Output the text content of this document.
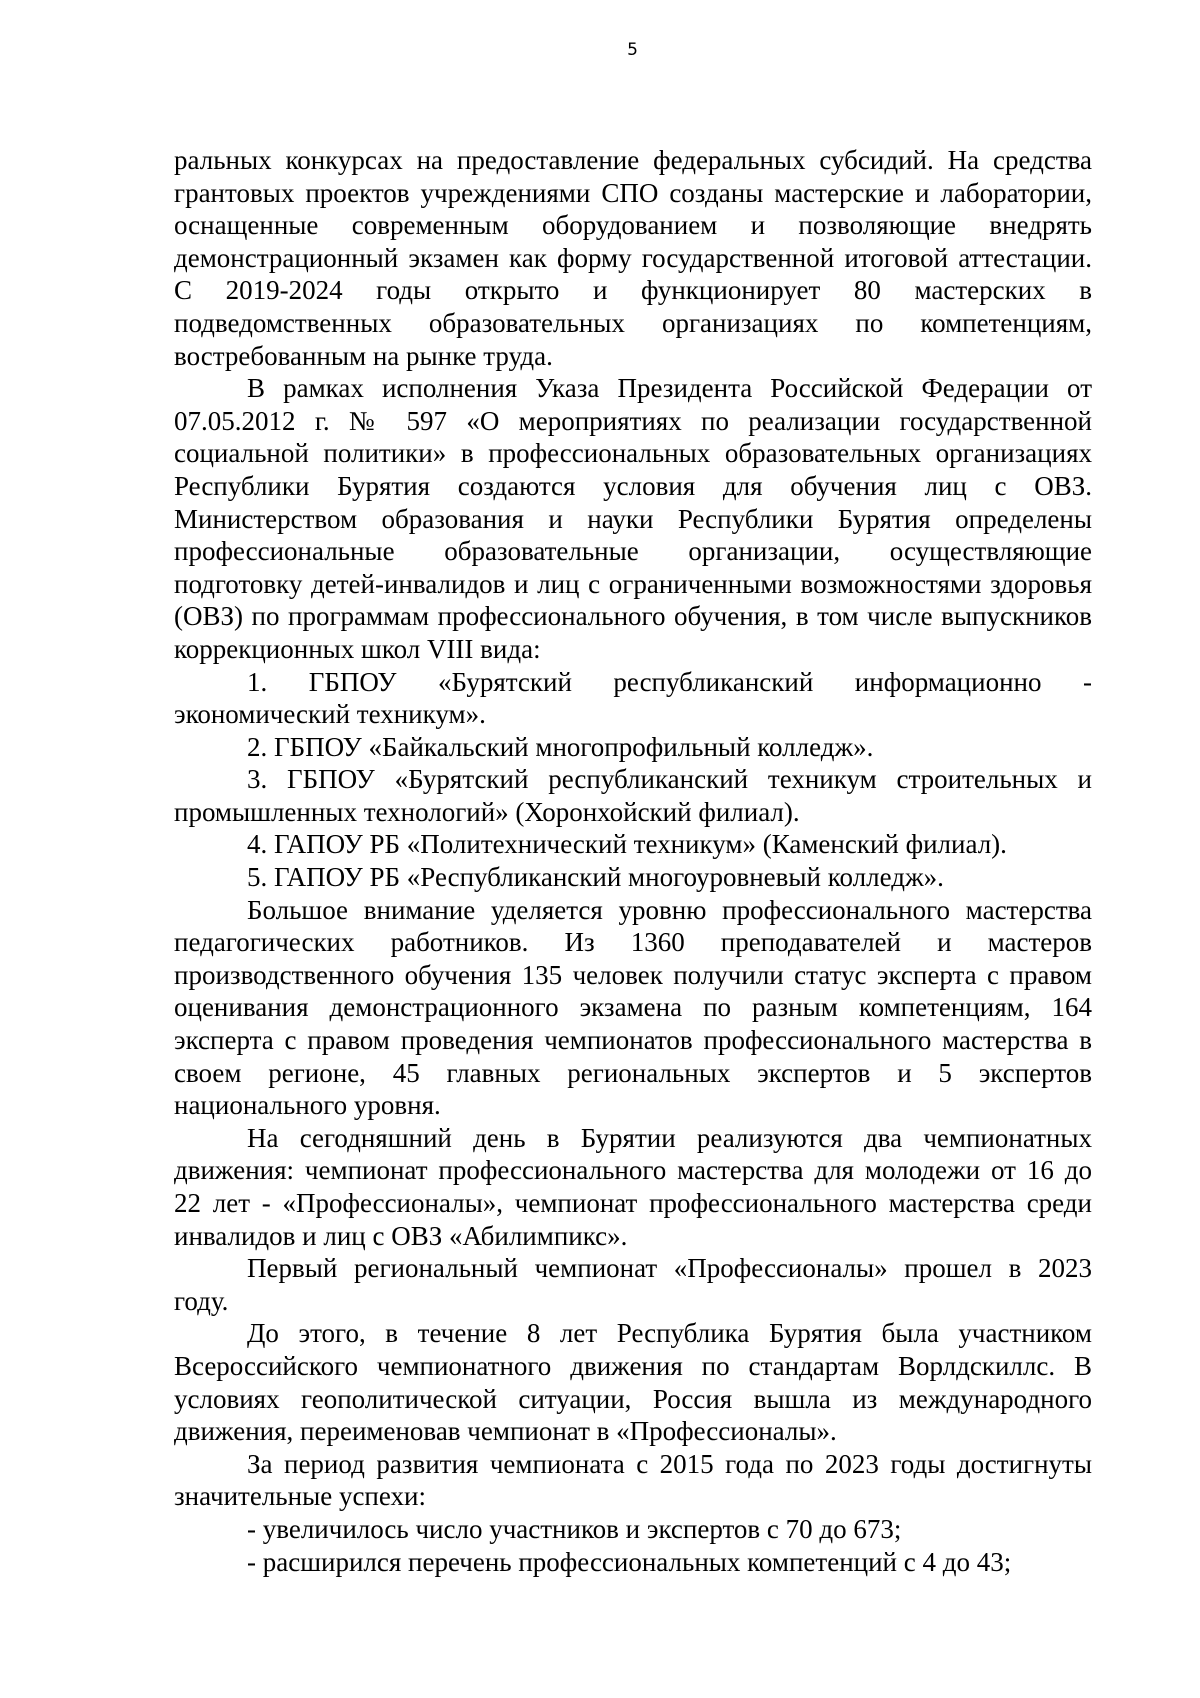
5

ральных конкурсах на предоставление федеральных субсидий. На средства грантовых проектов учреждениями СПО созданы мастерские и лаборатории, оснащенные современным оборудованием и позволяющие внедрять демонстрационный экзамен как форму государственной итоговой аттестации. С 2019-2024 годы открыто и функционирует 80 мастерских в подведомственных образовательных организациях по компетенциям, востребованным на рынке труда.

В рамках исполнения Указа Президента Российской Федерации от 07.05.2012 г. № 597 «О мероприятиях по реализации государственной социальной политики» в профессиональных образовательных организациях Республики Бурятия создаются условия для обучения лиц с ОВЗ. Министерством образования и науки Республики Бурятия определены профессиональные образовательные организации, осуществляющие подготовку детей-инвалидов и лиц с ограниченными возможностями здоровья (ОВЗ) по программам профессионального обучения, в том числе выпускников коррекционных школ VIII вида:

1. ГБПОУ «Бурятский республиканский информационно - экономический техникум».

2. ГБПОУ «Байкальский многопрофильный колледж».

3. ГБПОУ «Бурятский республиканский техникум строительных и промышленных технологий» (Хоронхойский филиал).

4. ГАПОУ РБ «Политехнический техникум» (Каменский филиал).

5. ГАПОУ РБ «Республиканский многоуровневый колледж».

Большое внимание уделяется уровню профессионального мастерства педагогических работников. Из 1360 преподавателей и мастеров производственного обучения 135 человек получили статус эксперта с правом оценивания демонстрационного экзамена по разным компетенциям, 164 эксперта с правом проведения чемпионатов профессионального мастерства в своем регионе, 45 главных региональных экспертов и 5 экспертов национального уровня.

На сегодняшний день в Бурятии реализуются два чемпионатных движения: чемпионат профессионального мастерства для молодежи от 16 до 22 лет - «Профессионалы», чемпионат профессионального мастерства среди инвалидов и лиц с ОВЗ «Абилимпикс».

Первый региональный чемпионат «Профессионалы» прошел в 2023 году.

До этого, в течение 8 лет Республика Бурятия была участником Всероссийского чемпионатного движения по стандартам Ворлдскиллс. В условиях геополитической ситуации, Россия вышла из международного движения, переименовав чемпионат в «Профессионалы».

За период развития чемпионата с 2015 года по 2023 годы достигнуты значительные успехи:

- увеличилось число участников и экспертов с 70 до 673;

- расширился перечень профессиональных компетенций с 4 до 43;
